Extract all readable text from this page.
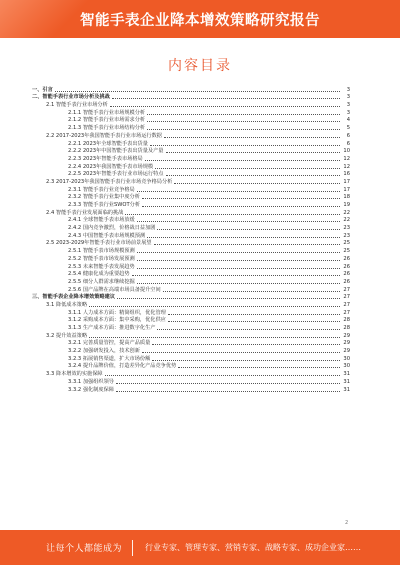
智能手表企业降本增效策略研究报告
内容目录
一、引言	3
二、智能手表行业市场分析及挑战	3
2.1 智能手表行业市场分析	3
2.1.1 智能手表行业市场规模分析	3
2.1.2 智能手表行业市场需求分析	4
2.1.3 智能手表行业市场结构分析	5
2.2 2017-2023年我国智能手表行业市场运行数据	6
2.2.1 2023年全球智能手表出货量	6
2.2.2 2023年中国智能手表出货量及产量	10
2.2.3 2023年智能手表市场格局	12
2.2.4 2023年我国智能手表市场规模	12
2.2.5 2023年智能手表行业市场运行特点	16
2.3 2017-2023年我国智能手表行业市场竞争格局分析	17
2.3.1 智能手表行业竞争格局	17
2.3.2 智能手表行业集中度分析	18
2.3.3 智能手表行业SWOT分析	19
2.4 智能手表行业发展面临的挑战	22
2.4.1 全球智能手表市场放缓	22
2.4.2 国内竞争激烈，价格战日益加剧	23
2.4.3 中国智能手表市场规模预测	23
2.5 2023-2029年智能手表行业市场前景展望	25
2.5.1 智能手表市场规模预测	25
2.5.2 智能手表市场发展预测	26
2.5.3 未来智能手表发展趋势	26
2.5.4 健康化成为重要趋势	26
2.5.5 细分人群需求继续挖掘	26
2.5.6 国产品牌在高端市场具备提升空间	27
三、智能手表企业降本增效策略建议	27
3.1 降低成本策略	27
3.1.1 人力成本方面：精简组织，优化管理	27
3.1.2 采购成本方面：集中采购，优化供应	28
3.1.3 生产成本方面：推进数字化生产	28
3.2 提升效益策略	29
3.2.1 完善质量管控，提高产品质量	29
3.2.2 加强研发投入，技术创新	29
3.2.3 拓展销售渠道，扩大市场份额	30
3.2.4 提升品牌价值，打造差异化产品竞争优势	30
3.3 降本增效的实施保障	31
3.3.1 加强组织领导	31
3.3.2 强化制度保障	31
2
让每个人都能成为	行业专家、管理专家、营销专家、战略专家、成功企业家……
